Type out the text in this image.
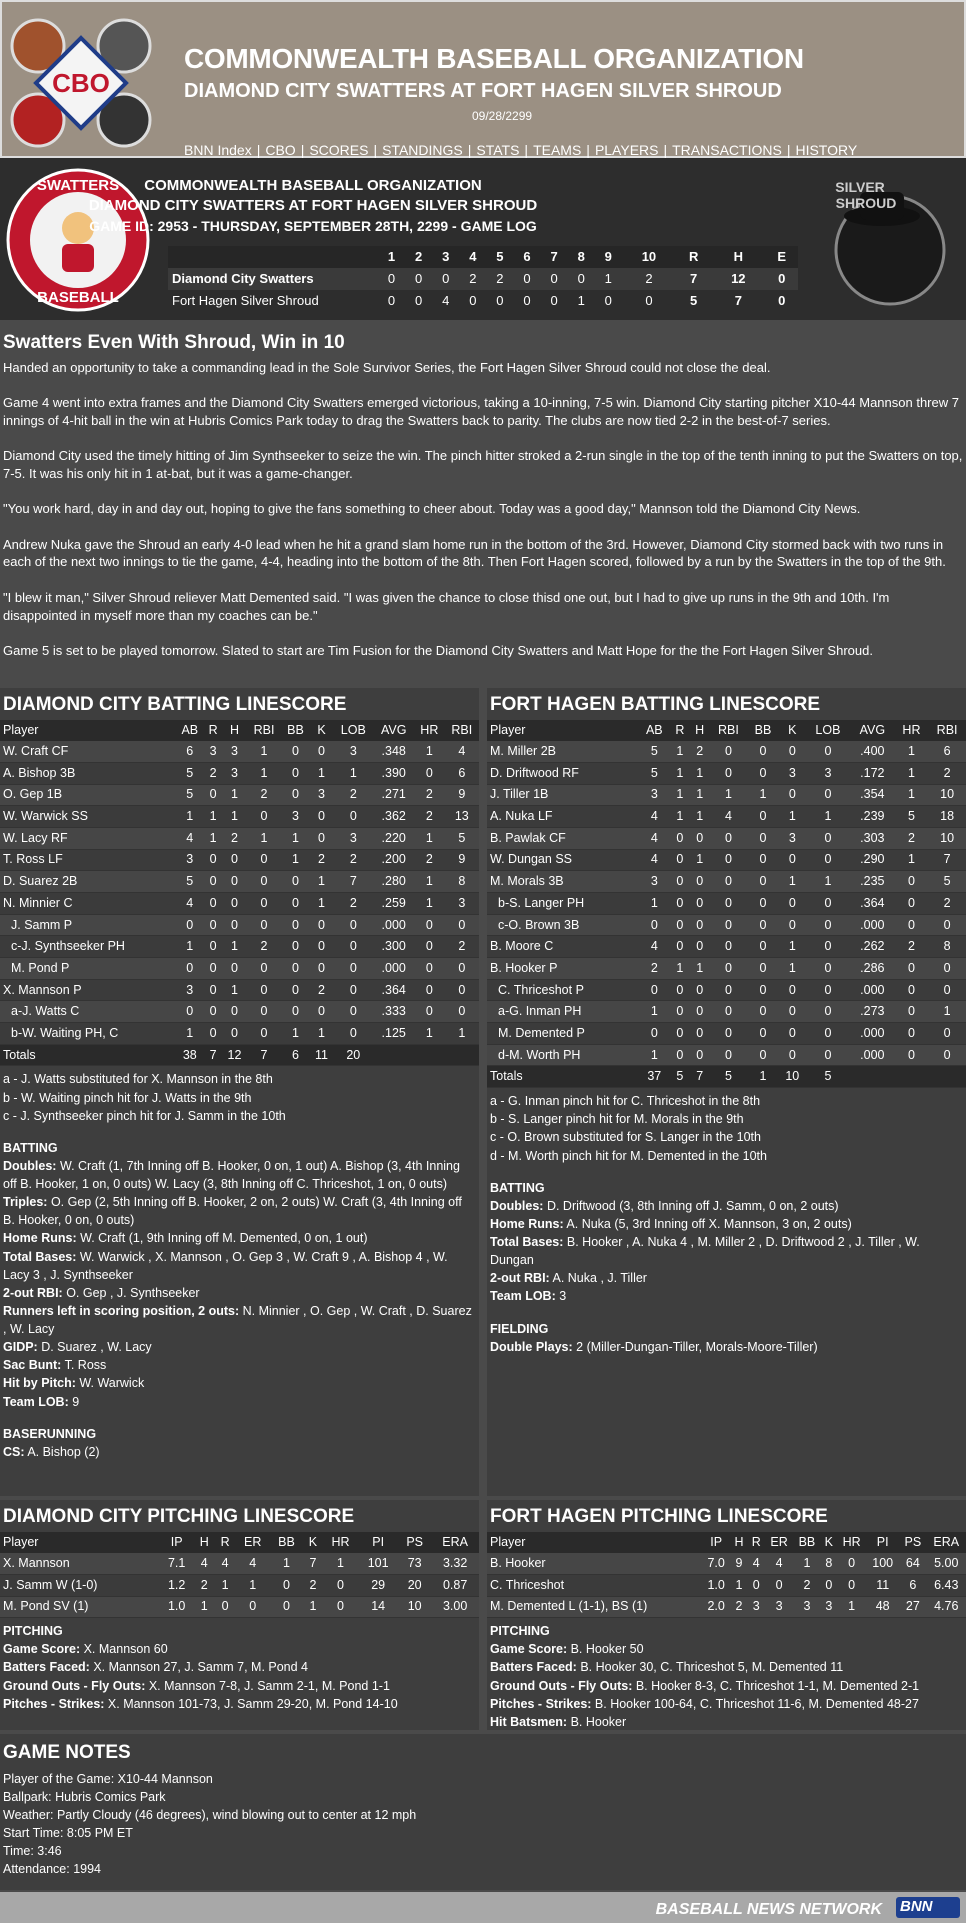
CBO
COMMONWEALTH BASEBALL ORGANIZATION
DIAMOND CITY SWATTERS AT FORT HAGEN SILVER SHROUD
09/28/2299
BNN Index | CBO | SCORES | STANDINGS | STATS | TEAMS | PLAYERS | TRANSACTIONS | HISTORY
SWATTERS
BASEBALL
SILVER
SHROUD
COMMONWEALTH BASEBALL ORGANIZATION
DIAMOND CITY SWATTERS AT FORT HAGEN SILVER SHROUD
GAME ID: 2953 - THURSDAY, SEPTEMBER 28TH, 2299 - GAME LOG
	1	2	3	4	5	6	7	8	9	10	R	H	E
Diamond City Swatters	0	0	0	2	2	0	0	0	1	2	7	12	0
Fort Hagen Silver Shroud	0	0	4	0	0	0	0	1	0	0	5	7	0
Swatters Even With Shroud, Win in 10

Handed an opportunity to take a commanding lead in the Sole Survivor Series, the Fort Hagen Silver Shroud could not close the deal.

Game 4 went into extra frames and the Diamond City Swatters emerged victorious, taking a 10-inning, 7-5 win. Diamond City starting pitcher X10-44 Mannson threw 7 innings of 4-hit ball in the win at Hubris Comics Park today to drag the Swatters back to parity. The clubs are now tied 2-2 in the best-of-7 series.

Diamond City used the timely hitting of Jim Synthseeker to seize the win. The pinch hitter stroked a 2-run single in the top of the tenth inning to put the Swatters on top, 7-5. It was his only hit in 1 at-bat, but it was a game-changer.

"You work hard, day in and day out, hoping to give the fans something to cheer about. Today was a good day," Mannson told the Diamond City News.

Andrew Nuka gave the Shroud an early 4-0 lead when he hit a grand slam home run in the bottom of the 3rd. However, Diamond City stormed back with two runs in each of the next two innings to tie the game, 4-4, heading into the bottom of the 8th. Then Fort Hagen scored, followed by a run by the Swatters in the top of the 9th.

"I blew it man," Silver Shroud reliever Matt Demented said. "I was given the chance to close thisd one out, but I had to give up runs in the 9th and 10th. I'm disappointed in myself more than my coaches can be."

Game 5 is set to be played tomorrow. Slated to start are Tim Fusion for the Diamond City Swatters and Matt Hope for the the Fort Hagen Silver Shroud.

DIAMOND CITY BATTING LINESCORE
Player	AB	R	H	RBI	BB	K	LOB	AVG	HR	RBI
W. Craft CF	6	3	3	1	0	0	3	.348	1	4
A. Bishop 3B	5	2	3	1	0	1	1	.390	0	6
O. Gep 1B	5	0	1	2	0	3	2	.271	2	9
W. Warwick SS	1	1	1	0	3	0	0	.362	2	13
W. Lacy RF	4	1	2	1	1	0	3	.220	1	5
T. Ross LF	3	0	0	0	1	2	2	.200	2	9
D. Suarez 2B	5	0	0	0	0	1	7	.280	1	8
N. Minnier C	4	0	0	0	0	1	2	.259	1	3
J. Samm P	0	0	0	0	0	0	0	.000	0	0
c-J. Synthseeker PH	1	0	1	2	0	0	0	.300	0	2
M. Pond P	0	0	0	0	0	0	0	.000	0	0
X. Mannson P	3	0	1	0	0	2	0	.364	0	0
a-J. Watts C	0	0	0	0	0	0	0	.333	0	0
b-W. Waiting PH, C	1	0	0	0	1	1	0	.125	1	1
Totals	38	7	12	7	6	11	20			
a - J. Watts substituted for X. Mannson in the 8th
b - W. Waiting pinch hit for J. Watts in the 9th
c - J. Synthseeker pinch hit for J. Samm in the 10th
BATTING
Doubles: W. Craft (1, 7th Inning off B. Hooker, 0 on, 1 out) A. Bishop (3, 4th Inning off B. Hooker, 1 on, 0 outs) W. Lacy (3, 8th Inning off C. Thriceshot, 1 on, 0 outs)
Triples: O. Gep (2, 5th Inning off B. Hooker, 2 on, 2 outs) W. Craft (3, 4th Inning off B. Hooker, 0 on, 0 outs)
Home Runs: W. Craft (1, 9th Inning off M. Demented, 0 on, 1 out)
Total Bases: W. Warwick , X. Mannson , O. Gep 3 , W. Craft 9 , A. Bishop 4 , W. Lacy 3 , J. Synthseeker
2-out RBI: O. Gep , J. Synthseeker
Runners left in scoring position, 2 outs: N. Minnier , O. Gep , W. Craft , D. Suarez , W. Lacy
GIDP: D. Suarez , W. Lacy
Sac Bunt: T. Ross
Hit by Pitch: W. Warwick
Team LOB: 9
BASERUNNING
CS: A. Bishop (2)
FORT HAGEN BATTING LINESCORE
Player	AB	R	H	RBI	BB	K	LOB	AVG	HR	RBI
M. Miller 2B	5	1	2	0	0	0	0	.400	1	6
D. Driftwood RF	5	1	1	0	0	3	3	.172	1	2
J. Tiller 1B	3	1	1	1	1	0	0	.354	1	10
A. Nuka LF	4	1	1	4	0	1	1	.239	5	18
B. Pawlak CF	4	0	0	0	0	3	0	.303	2	10
W. Dungan SS	4	0	1	0	0	0	0	.290	1	7
M. Morals 3B	3	0	0	0	0	1	1	.235	0	5
b-S. Langer PH	1	0	0	0	0	0	0	.364	0	2
c-O. Brown 3B	0	0	0	0	0	0	0	.000	0	0
B. Moore C	4	0	0	0	0	1	0	.262	2	8
B. Hooker P	2	1	1	0	0	1	0	.286	0	0
C. Thriceshot P	0	0	0	0	0	0	0	.000	0	0
a-G. Inman PH	1	0	0	0	0	0	0	.273	0	1
M. Demented P	0	0	0	0	0	0	0	.000	0	0
d-M. Worth PH	1	0	0	0	0	0	0	.000	0	0
Totals	37	5	7	5	1	10	5			
a - G. Inman pinch hit for C. Thriceshot in the 8th
b - S. Langer pinch hit for M. Morals in the 9th
c - O. Brown substituted for S. Langer in the 10th
d - M. Worth pinch hit for M. Demented in the 10th
BATTING
Doubles: D. Driftwood (3, 8th Inning off J. Samm, 0 on, 2 outs)
Home Runs: A. Nuka (5, 3rd Inning off X. Mannson, 3 on, 2 outs)
Total Bases: B. Hooker , A. Nuka 4 , M. Miller 2 , D. Driftwood 2 , J. Tiller , W. Dungan
2-out RBI: A. Nuka , J. Tiller
Team LOB: 3
FIELDING
Double Plays: 2 (Miller-Dungan-Tiller, Morals-Moore-Tiller)
DIAMOND CITY PITCHING LINESCORE
Player	IP	H	R	ER	BB	K	HR	PI	PS	ERA
X. Mannson	7.1	4	4	4	1	7	1	101	73	3.32
J. Samm W (1-0)	1.2	2	1	1	0	2	0	29	20	0.87
M. Pond SV (1)	1.0	1	0	0	0	1	0	14	10	3.00
PITCHING
Game Score: X. Mannson 60
Batters Faced: X. Mannson 27, J. Samm 7, M. Pond 4
Ground Outs - Fly Outs: X. Mannson 7-8, J. Samm 2-1, M. Pond 1-1
Pitches - Strikes: X. Mannson 101-73, J. Samm 29-20, M. Pond 14-10
FORT HAGEN PITCHING LINESCORE
Player	IP	H	R	ER	BB	K	HR	PI	PS	ERA
B. Hooker	7.0	9	4	4	1	8	0	100	64	5.00
C. Thriceshot	1.0	1	0	0	2	0	0	11	6	6.43
M. Demented L (1-1), BS (1)	2.0	2	3	3	3	3	1	48	27	4.76
PITCHING
Game Score: B. Hooker 50
Batters Faced: B. Hooker 30, C. Thriceshot 5, M. Demented 11
Ground Outs - Fly Outs: B. Hooker 8-3, C. Thriceshot 1-1, M. Demented 2-1
Pitches - Strikes: B. Hooker 100-64, C. Thriceshot 11-6, M. Demented 48-27
Hit Batsmen: B. Hooker
GAME NOTES
Player of the Game: X10-44 Mannson
Ballpark: Hubris Comics Park
Weather: Partly Cloudy (46 degrees), wind blowing out to center at 12 mph
Start Time: 8:05 PM ET
Time: 3:46
Attendance: 1994
BASEBALL NEWS NETWORK BNN
